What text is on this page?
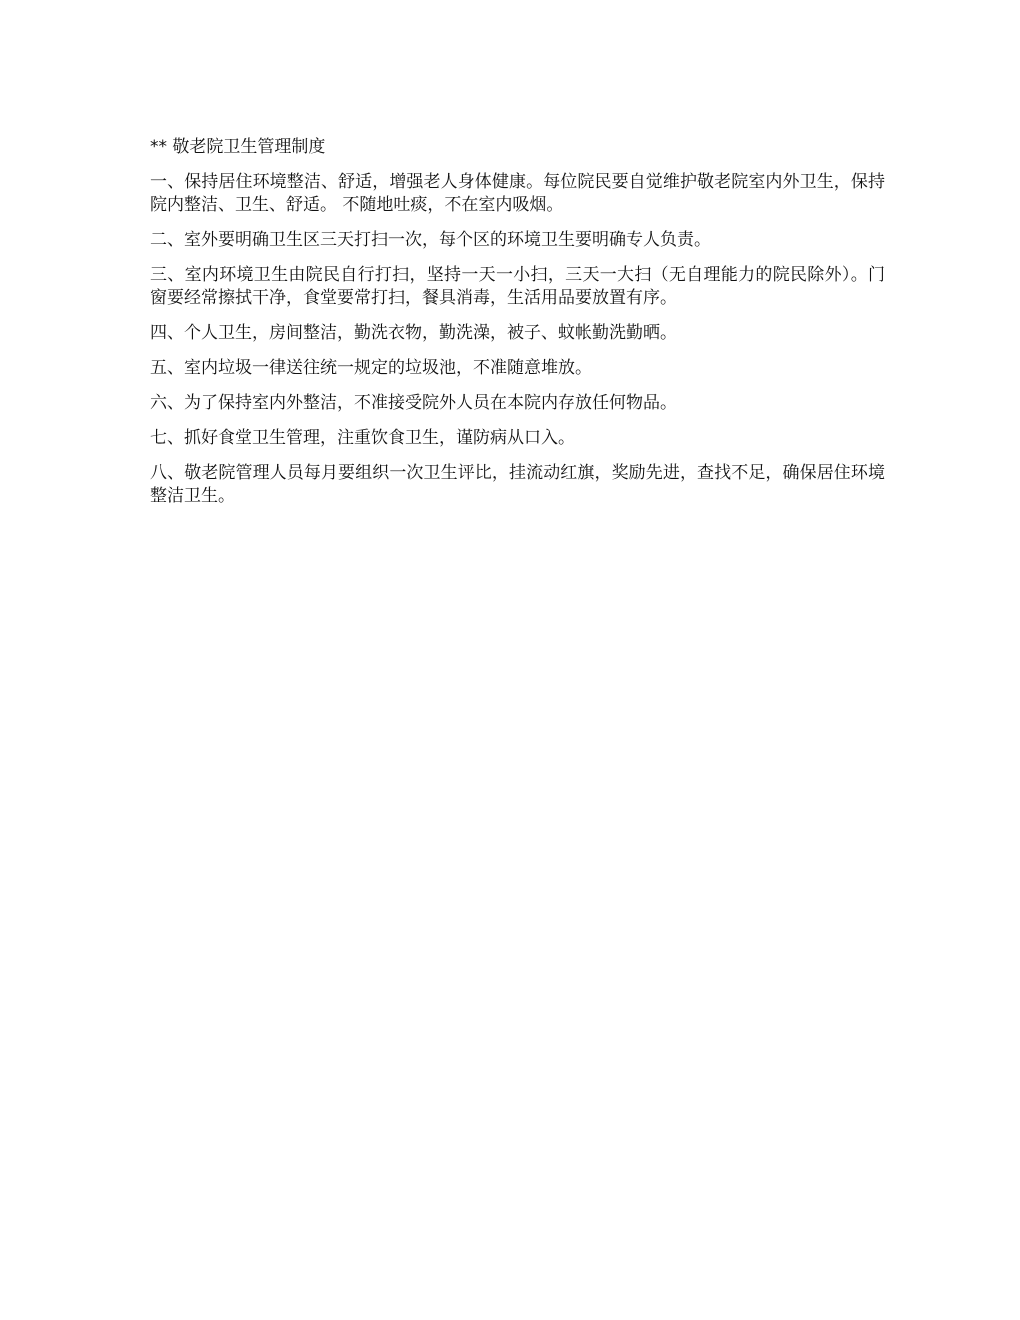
** 敬老院卫生管理制度

一、保持居住环境整洁、舒适，增强老人身体健康。每位院民要自觉维护敬老院室内外卫生，保持院内整洁、卫生、舒适。 不随地吐痰，不在室内吸烟。

二、室外要明确卫生区三天打扫一次，每个区的环境卫生要明确专人负责。

三、室内环境卫生由院民自行打扫，坚持一天一小扫，三天一大扫（无自理能力的院民除外）。门窗要经常擦拭干净，食堂要常打扫，餐具消毒，生活用品要放置有序。

四、个人卫生，房间整洁，勤洗衣物，勤洗澡，被子、蚊帐勤洗勤晒。

五、室内垃圾一律送往统一规定的垃圾池，不准随意堆放。

六、为了保持室内外整洁，不准接受院外人员在本院内存放任何物品。

七、抓好食堂卫生管理，注重饮食卫生，谨防病从口入。

八、敬老院管理人员每月要组织一次卫生评比，挂流动红旗，奖励先进，查找不足，确保居住环境整洁卫生。
